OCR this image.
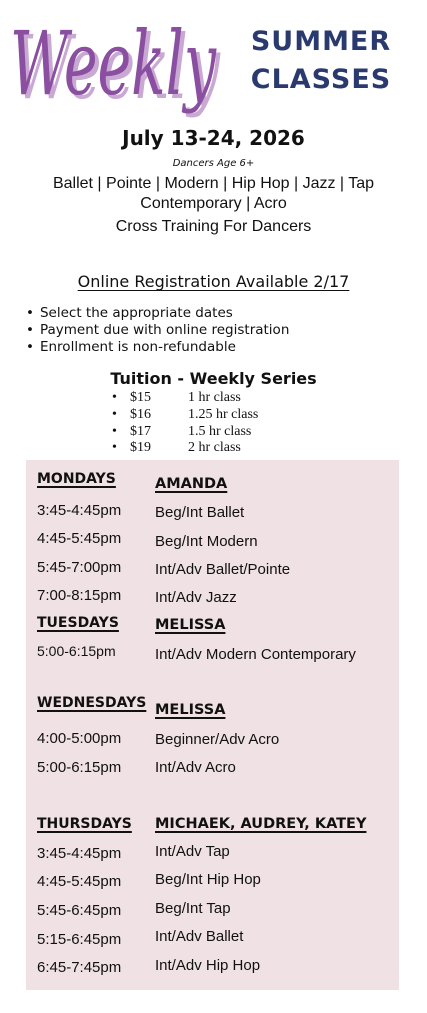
Weekly
Weekly	SUMMER
CLASSES
July 13-24, 2026
Dancers Age 6+
Ballet | Pointe | Modern | Hip Hop | Jazz | Tap
Contemporary | Acro
Cross Training For Dancers
Online Registration Available 2/17
• Select the appropriate dates
• Payment due with online registration
• Enrollment is non-refundable
Tuition - Weekly Series
• $15	1 hr class
• $16	1.25 hr class
• $17	1.5 hr class
• $19	2 hr class
MONDAYS	AMANDA
3:45-4:45pm Beg/Int Ballet
4:45-5:45pm Beg/Int Modern
5:45-7:00pm Int/Adv Ballet/Pointe
7:00-8:15pm Int/Adv Jazz
TUESDAYS MELISSA
5:00-6:15pm	Int/Adv Modern Contemporary
WEDNESDAYS MELISSA
4:00-5:00pm Beginner/Adv Acro
5:00-6:15pm Int/Adv Acro
THURSDAYS MICHAEK, AUDREY, KATEY
3:45-4:45pm Int/Adv Tap
4:45-5:45pm Beg/Int Hip Hop
5:45-6:45pm Beg/Int Tap
5:15-6:45pm Int/Adv Ballet
6:45-7:45pm Int/Adv Hip Hop
